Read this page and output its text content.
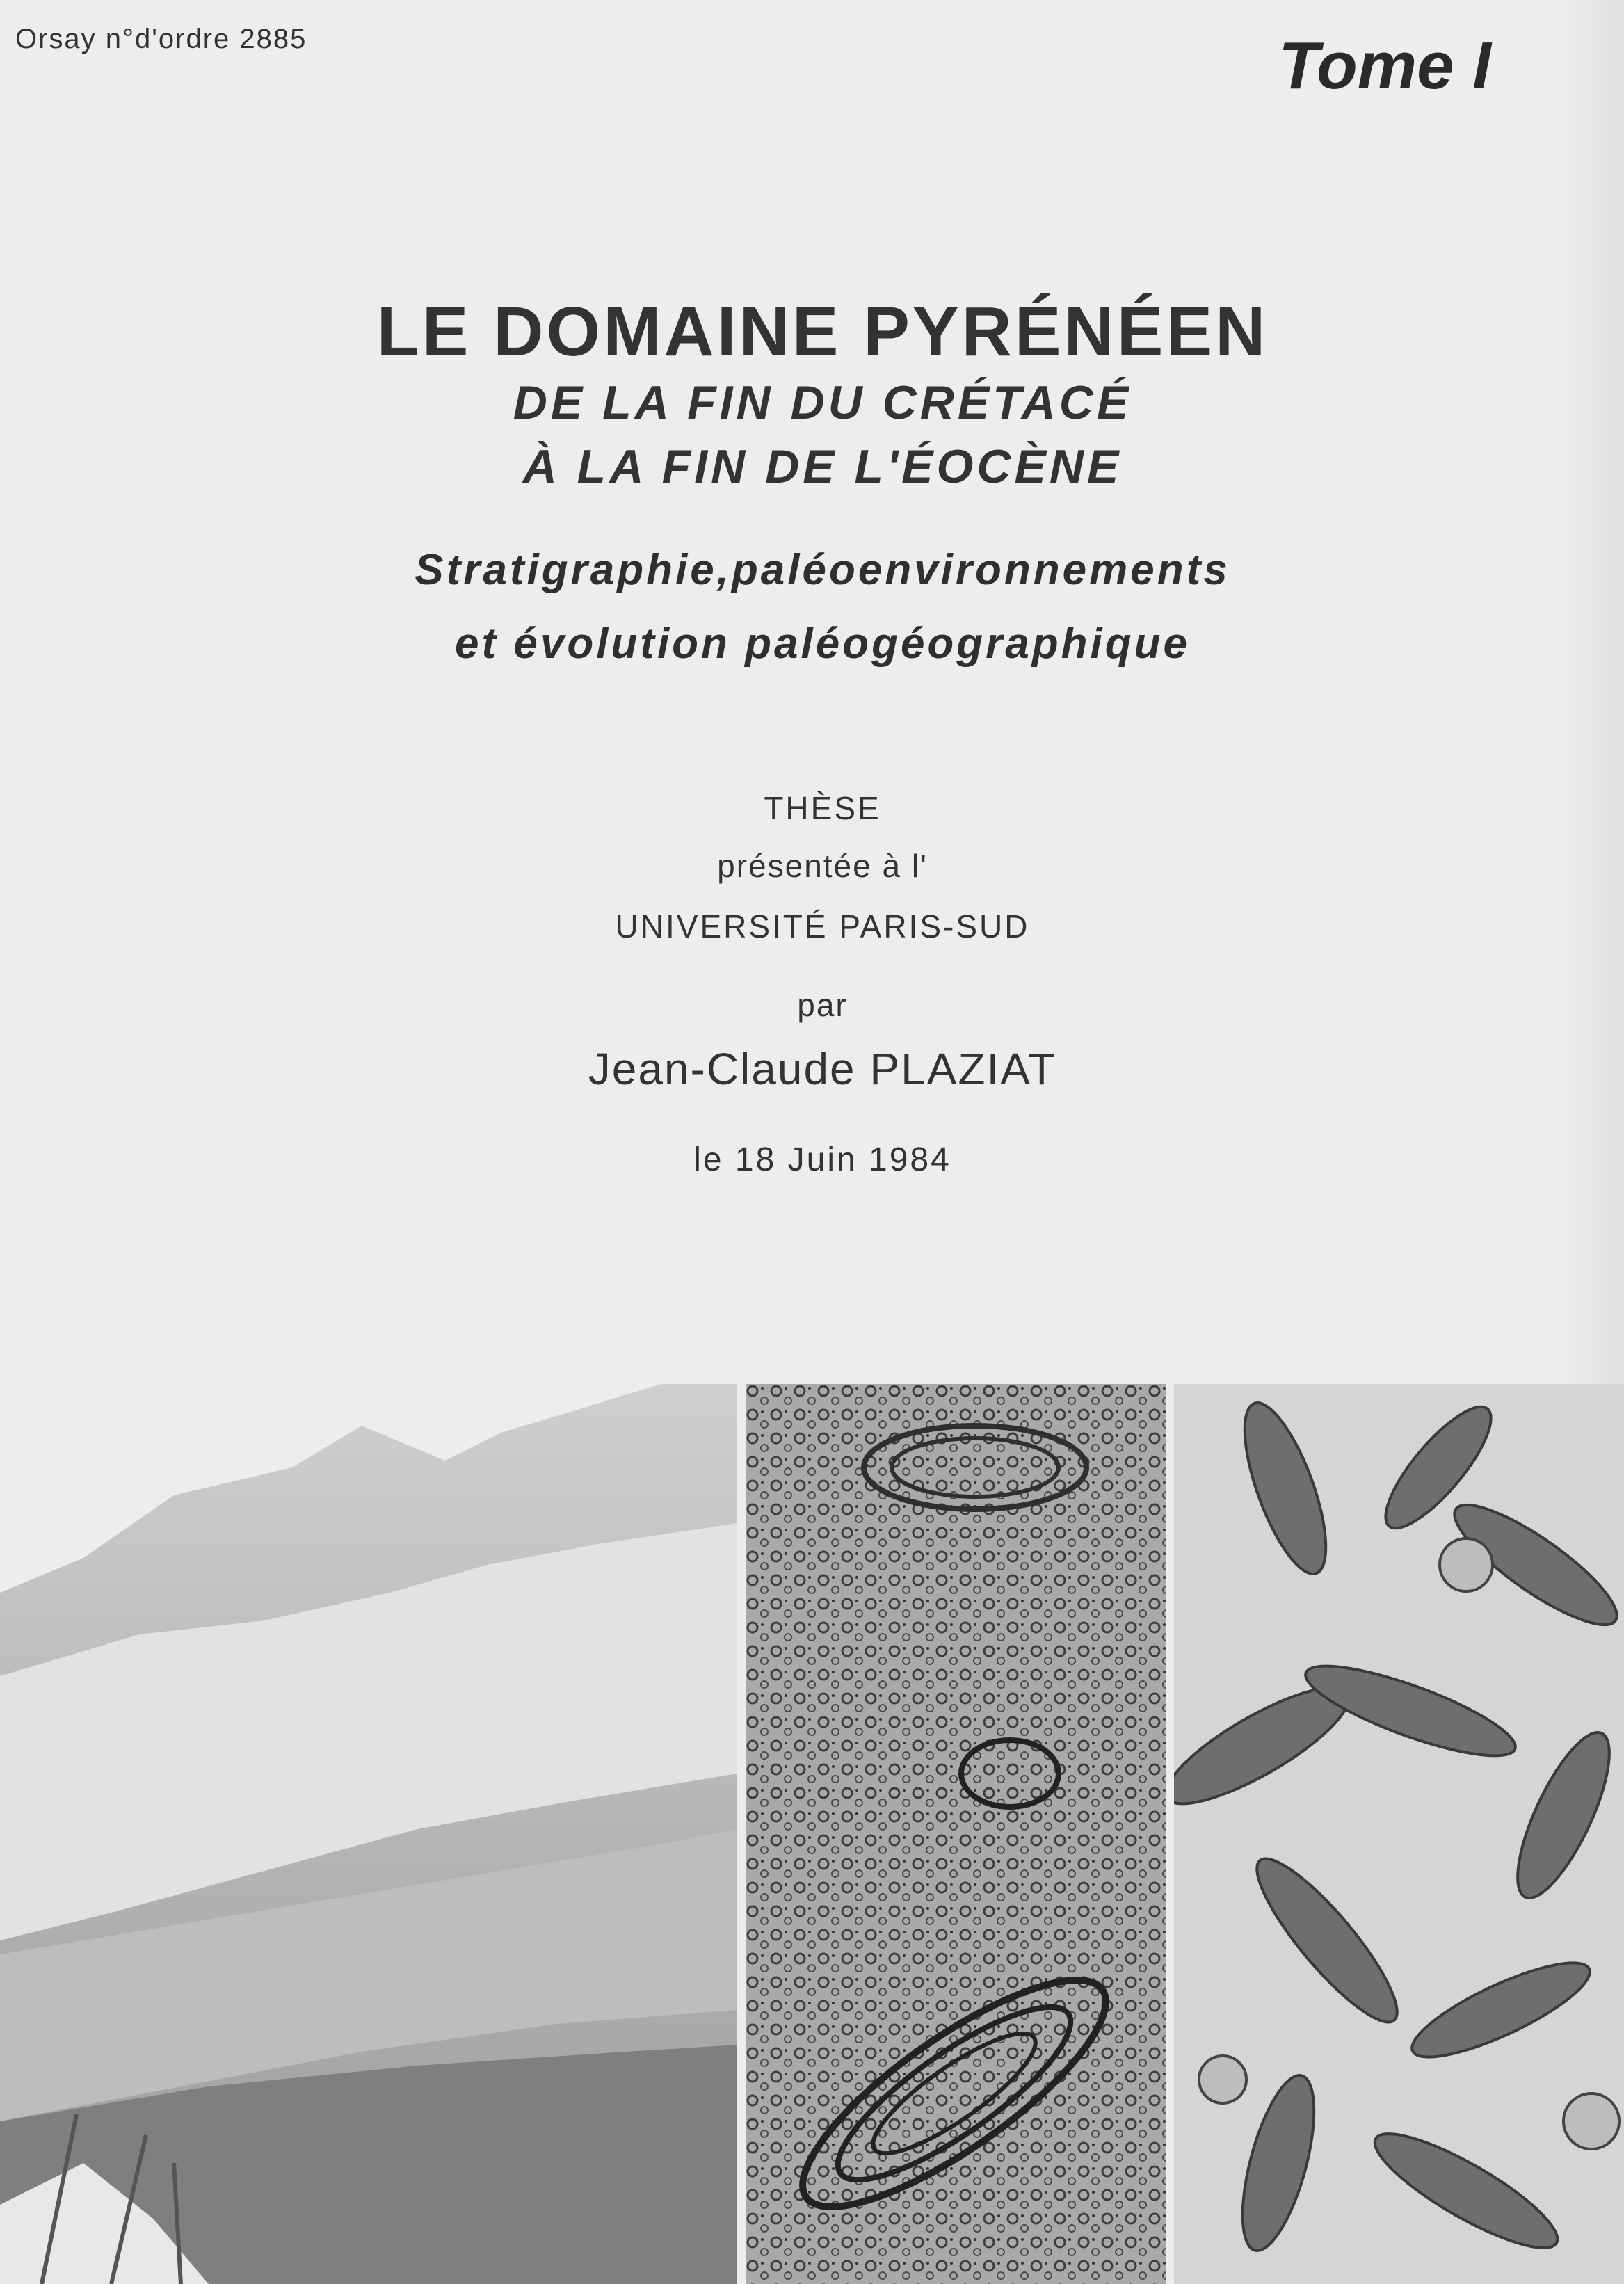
Orsay n°d'ordre 2885	Tome I
LE DOMAINE PYRÉNÉEN
DE LA FIN DU CRÉTACÉ
À LA FIN DE L'ÉOCÈNE
Stratigraphie,paléoenvironnements
et évolution paléogéographique
THÈSE
présentée à l'
UNIVERSITÉ PARIS-SUD
par
Jean-Claude PLAZIAT
le 18 Juin 1984
